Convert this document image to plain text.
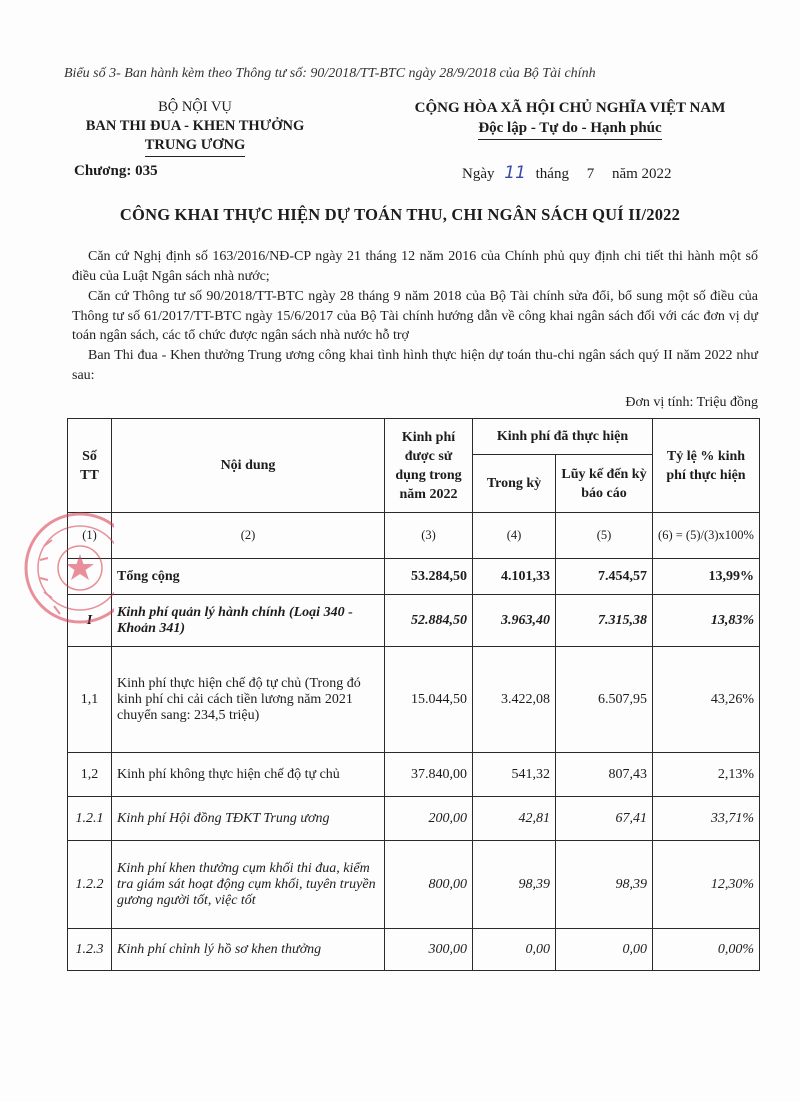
Biểu số 3- Ban hành kèm theo Thông tư số: 90/2018/TT-BTC ngày 28/9/2018 của Bộ Tài chính
BỘ NỘI VỤ
BAN THI ĐUA - KHEN THƯỞNG
TRUNG ƯƠNG
CỘNG HÒA XÃ HỘI CHỦ NGHĨA VIỆT NAM
Độc lập - Tự do - Hạnh phúc
Chương: 035	Ngày 11 tháng 7 năm 2022
CÔNG KHAI THỰC HIỆN DỰ TOÁN THU, CHI NGÂN SÁCH QUÍ II/2022
Căn cứ Nghị định số 163/2016/NĐ-CP ngày 21 tháng 12 năm 2016 của Chính phủ quy định chi tiết thi hành một số điều của Luật Ngân sách nhà nước;
Căn cứ Thông tư số 90/2018/TT-BTC ngày 28 tháng 9 năm 2018 của Bộ Tài chính sửa đổi, bổ sung một số điều của Thông tư số 61/2017/TT-BTC ngày 15/6/2017 của Bộ Tài chính hướng dẫn về công khai ngân sách đối với các đơn vị dự toán ngân sách, các tổ chức được ngân sách nhà nước hỗ trợ
Ban Thi đua - Khen thưởng Trung ương công khai tình hình thực hiện dự toán thu-chi ngân sách quý II năm 2022 như sau:
Đơn vị tính: Triệu đồng
Số TT	Nội dung	Kinh phí được sử dụng trong năm 2022	Kinh phí đã thực hiện		Tỷ lệ % kinh phí thực hiện
			Trong kỳ	Lũy kế đến kỳ báo cáo	
(1)	(2)	(3)	(4)	(5)	(6) = (5)/(3)x100%
	Tổng cộng	53.284,50	4.101,33	7.454,57	13,99%
I	Kinh phí quản lý hành chính (Loại 340 - Khoản 341)	52.884,50	3.963,40	7.315,38	13,83%
1,1	Kinh phí thực hiện chế độ tự chủ (Trong đó kinh phí chi cải cách tiền lương năm 2021 chuyển sang: 234,5 triệu)	15.044,50	3.422,08	6.507,95	43,26%
1,2	Kinh phí không thực hiện chế độ tự chủ	37.840,00	541,32	807,43	2,13%
1.2.1	Kinh phí Hội đồng TĐKT Trung ương	200,00	42,81	67,41	33,71%
1.2.2	Kinh phí khen thưởng cụm khối thi đua, kiểm tra giám sát hoạt động cụm khối, tuyên truyền gương người tốt, việc tốt	800,00	98,39	98,39	12,30%
1.2.3	Kinh phí chỉnh lý hồ sơ khen thưởng	300,00	0,00	0,00	0,00%
